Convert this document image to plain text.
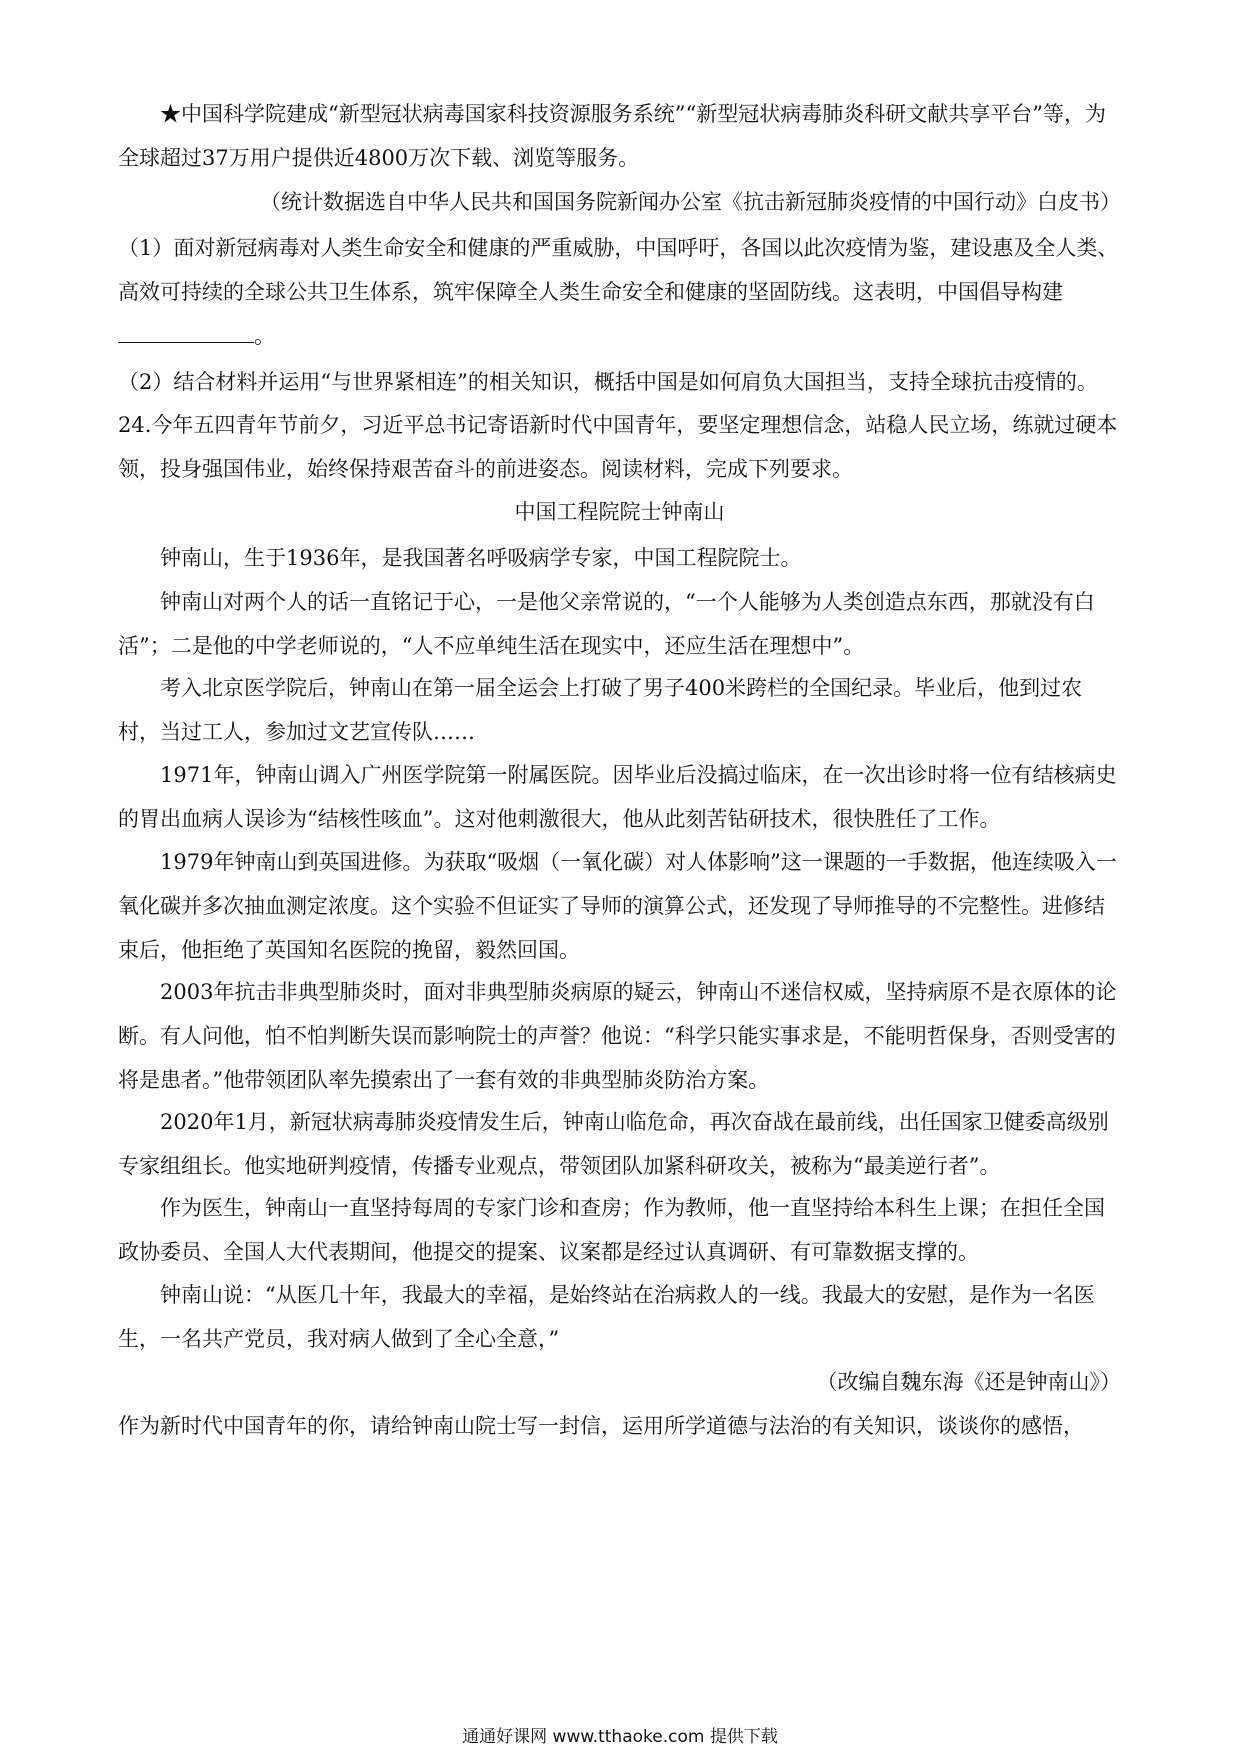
★中国科学院建成“新型冠状病毒国家科技资源服务系统”“新型冠状病毒肺炎科研文献共享平台”等，为全球超过37万用户提供近4800万次下载、浏览等服务。

（统计数据选自中华人民共和国国务院新闻办公室《抗击新冠肺炎疫情的中国行动》白皮书）

（1）面对新冠病毒对人类生命安全和健康的严重威胁，中国呼吁，各国以此次疫情为鉴，建设惠及全人类、高效可持续的全球公共卫生体系，筑牢保障全人类生命安全和健康的坚固防线。这表明，中国倡导构建
。

（2）结合材料并运用“与世界紧相连”的相关知识，概括中国是如何肩负大国担当，支持全球抗击疫情的。

24.今年五四青年节前夕，习近平总书记寄语新时代中国青年，要坚定理想信念，站稳人民立场，练就过硬本领，投身强国伟业，始终保持艰苦奋斗的前进姿态。阅读材料，完成下列要求。

中国工程院院士钟南山

钟南山，生于1936年，是我国著名呼吸病学专家，中国工程院院士。

钟南山对两个人的话一直铭记于心，一是他父亲常说的，“一个人能够为人类创造点东西，那就没有白活”；二是他的中学老师说的，“人不应单纯生活在现实中，还应生活在理想中”。

考入北京医学院后，钟南山在第一届全运会上打破了男子400米跨栏的全国纪录。毕业后，他到过农村，当过工人，参加过文艺宣传队……

1971年，钟南山调入广州医学院第一附属医院。因毕业后没搞过临床，在一次出诊时将一位有结核病史的胃出血病人误诊为“结核性咳血”。这对他刺激很大，他从此刻苦钻研技术，很快胜任了工作。

1979年钟南山到英国进修。为获取“吸烟（一氧化碳）对人体影响”这一课题的一手数据，他连续吸入一氧化碳并多次抽血测定浓度。这个实验不但证实了导师的演算公式，还发现了导师推导的不完整性。进修结束后，他拒绝了英国知名医院的挽留，毅然回国。

2003年抗击非典型肺炎时，面对非典型肺炎病原的疑云，钟南山不迷信权威，坚持病原不是衣原体的论断。有人问他，怕不怕判断失误而影响院士的声誉？他说：“科学只能实事求是，不能明哲保身，否则受害的将是患者。”他带领团队率先摸索出了一套有效的非典型肺炎防治方案。

2020年1月，新冠状病毒肺炎疫情发生后，钟南山临危命，再次奋战在最前线，出任国家卫健委高级别专家组组长。他实地研判疫情，传播专业观点，带领团队加紧科研攻关，被称为“最美逆行者”。

作为医生，钟南山一直坚持每周的专家门诊和查房；作为教师，他一直坚持给本科生上课；在担任全国政协委员、全国人大代表期间，他提交的提案、议案都是经过认真调研、有可靠数据支撑的。

钟南山说：“从医几十年，我最大的幸福，是始终站在治病救人的一线。我最大的安慰，是作为一名医生，一名共产党员，我对病人做到了全心全意，”

（改编自魏东海《还是钟南山》）

作为新时代中国青年的你，请给钟南山院士写一封信，运用所学道德与法治的有关知识，谈谈你的感悟，

通通好课网 www.tthaoke.com 提供下载
